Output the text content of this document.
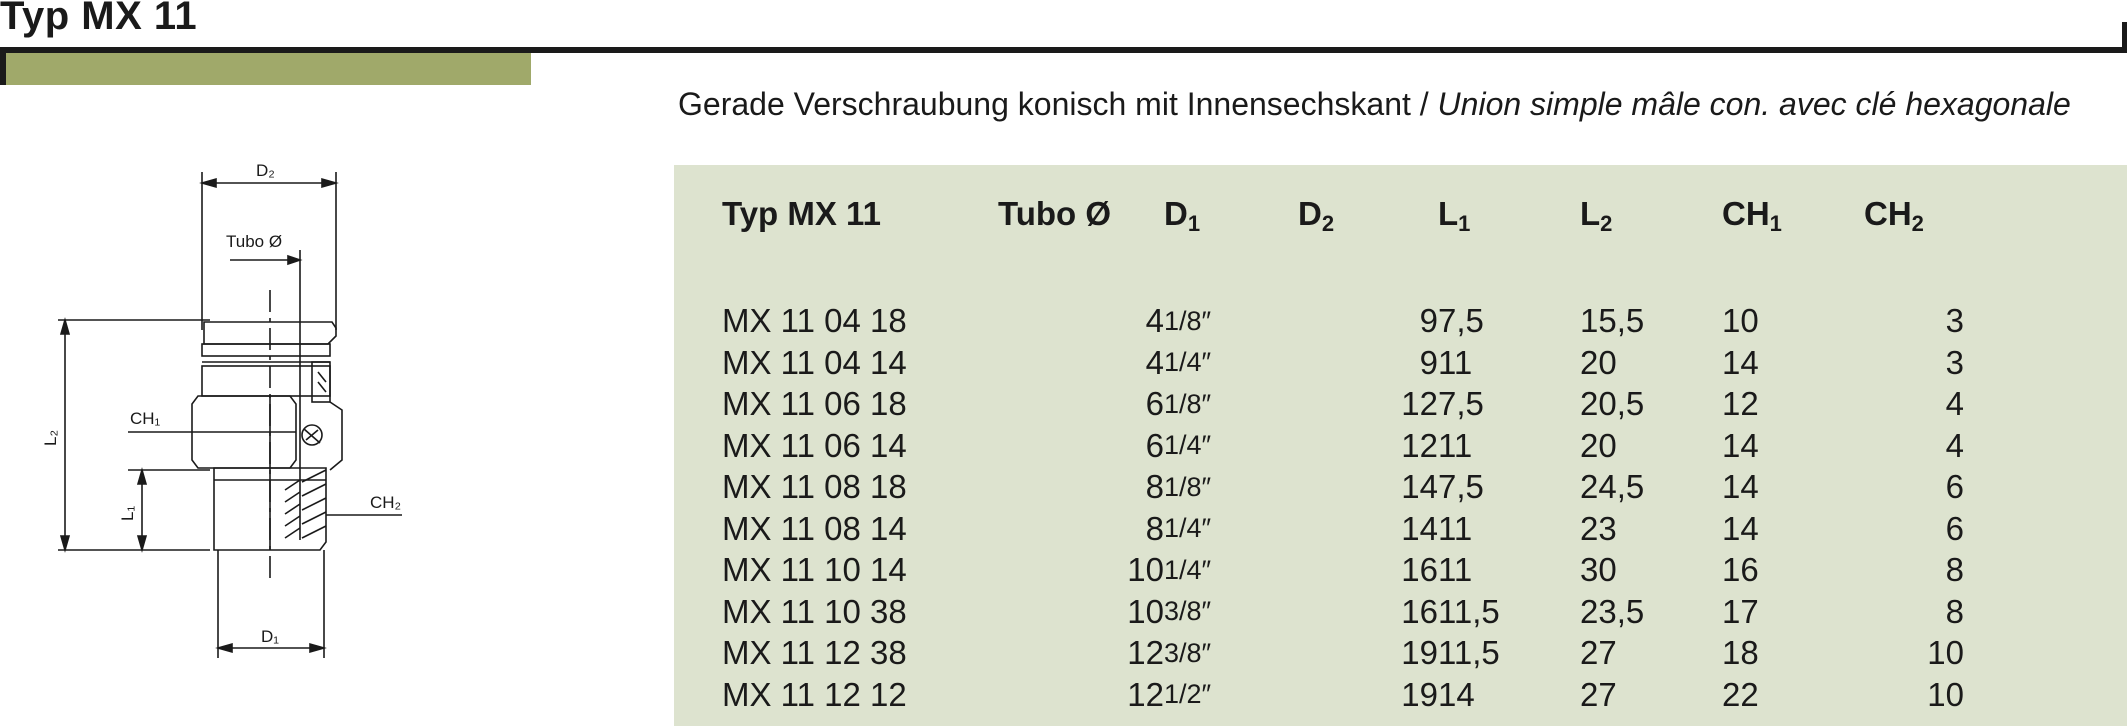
Typ MX 11
Gerade Verschraubung konisch mit Innensechskant / Union simple mâle con. avec clé hexagonale
D₂
Tubo Ø
CH₁
CH₂
L₂
L₁
D₁
Typ MX 11	Tubo Ø	$D_1$	$D_2$	$L_1$	$L_2$	$CH_1$	$CH_2$

MX 11 04 18	4	1/8″	9	7,5	15,5	10	3
MX 11 04 14	4	1/4″	9	11	20	14	3
MX 11 06 18	6	1/8″	12	7,5	20,5	12	4
MX 11 06 14	6	1/4″	12	11	20	14	4
MX 11 08 18	8	1/8″	14	7,5	24,5	14	6
MX 11 08 14	8	1/4″	14	11	23	14	6
MX 11 10 14	10	1/4″	16	11	30	16	8
MX 11 10 38	10	3/8″	16	11,5	23,5	17	8
MX 11 12 38	12	3/8″	19	11,5	27	18	10
MX 11 12 12	12	1/2″	19	14	27	22	10
